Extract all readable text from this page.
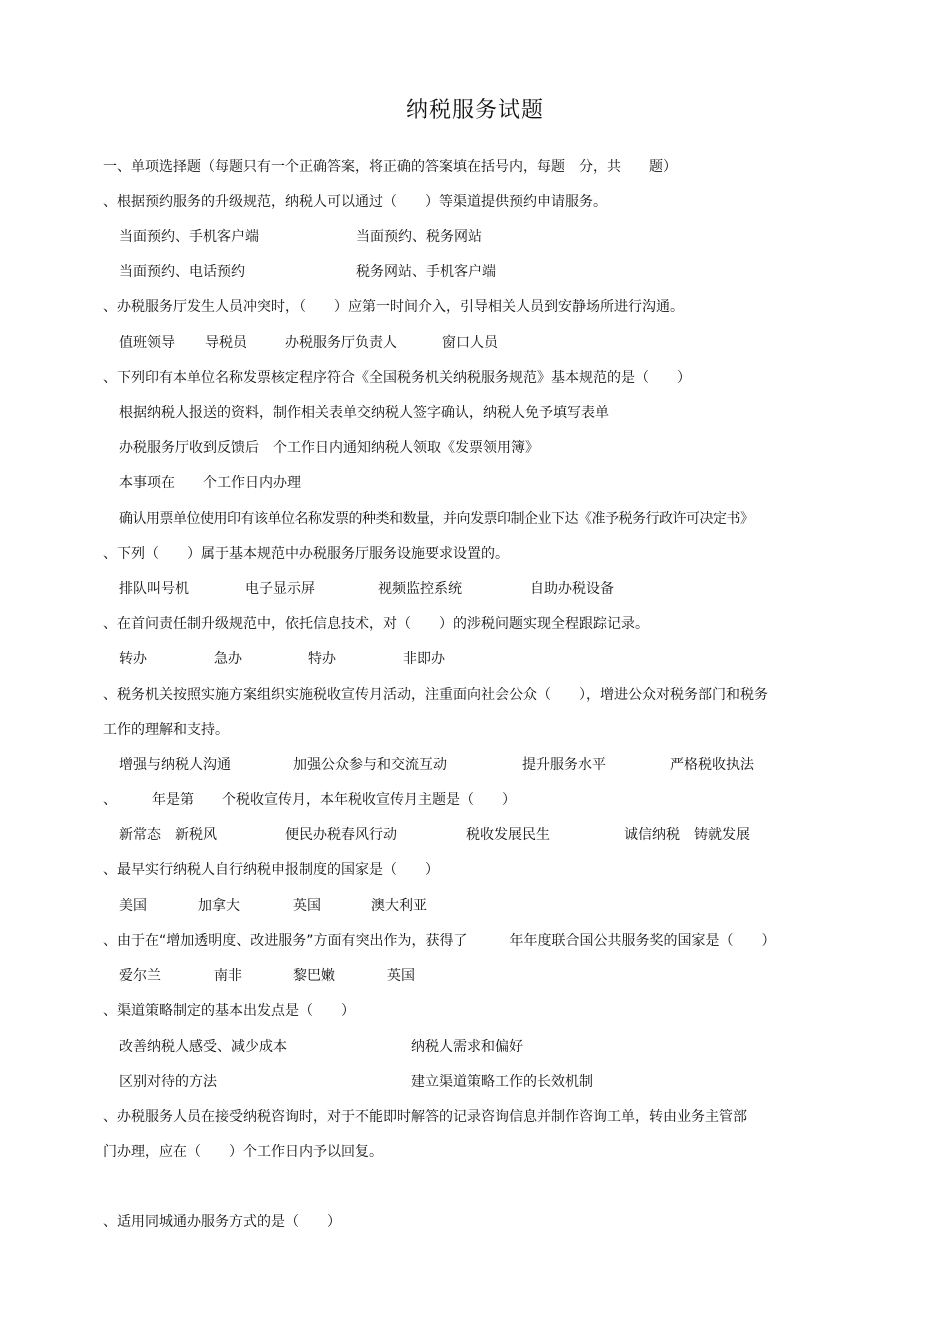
纳税服务试题
一、单项选择题（每题只有一个正确答案，将正确的答案填在括号内，每题　分，共　　题）
、根据预约服务的升级规范，纳税人可以通过（　　）等渠道提供预约申请服务。
当面预约、手机客户端	当面预约、税务网站
当面预约、电话预约	税务网站、手机客户端
、办税服务厅发生人员冲突时，（　　）应第一时间介入，引导相关人员到安静场所进行沟通。
值班领导 导税员	办税服务厅负责人	窗口人员
、下列印有本单位名称发票核定程序符合《全国税务机关纳税服务规范》基本规范的是（　　）
根据纳税人报送的资料，制作相关表单交纳税人签字确认，纳税人免予填写表单
办税服务厅收到反馈后　个工作日内通知纳税人领取《发票领用簿》
本事项在　　个工作日内办理
确认用票单位使用印有该单位名称发票的种类和数量，并向发票印制企业下达《准予税务行政许可决定书》
、下列（　　）属于基本规范中办税服务厅服务设施要求设置的。
排队叫号机	电子显示屏	视频监控系统	自助办税设备
、在首问责任制升级规范中，依托信息技术，对（　　）的涉税问题实现全程跟踪记录。
转办	急办	特办	非即办
、税务机关按照实施方案组织实施税收宣传月活动，注重面向社会公众（　　），增进公众对税务部门和税务
工作的理解和支持。
增强与纳税人沟通	加强公众参与和交流互动	提升服务水平	严格税收执法
、　　　年是第　　个税收宣传月，本年税收宣传月主题是（　　）
新常态　新税风	便民办税春风行动	税收发展民生	诚信纳税　铸就发展
、最早实行纳税人自行纳税申报制度的国家是（　　）
美国	加拿大	英国	澳大利亚
、由于在“增加透明度、改进服务”方面有突出作为，获得了　　　年年度联合国公共服务奖的国家是（　　）
爱尔兰	南非	黎巴嫩	英国
、渠道策略制定的基本出发点是（　　）
改善纳税人感受、减少成本	纳税人需求和偏好
区别对待的方法	建立渠道策略工作的长效机制
、办税服务人员在接受纳税咨询时，对于不能即时解答的记录咨询信息并制作咨询工单，转由业务主管部
门办理，应在（　　）个工作日内予以回复。
、适用同城通办服务方式的是（　　）
